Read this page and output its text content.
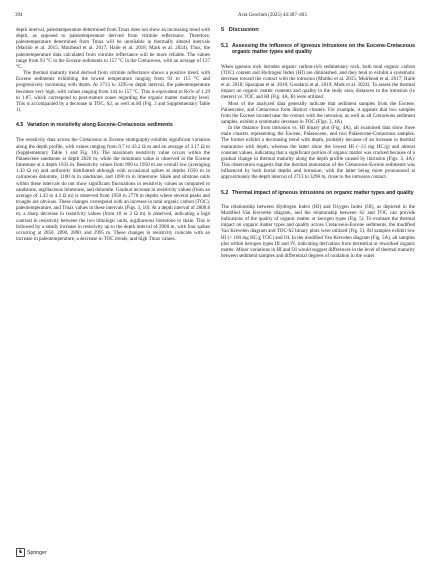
394	Acta Geochim (2025) 44:387–403

depth interval, paleotemperature determined from Tmax does not show an increasing trend with depth, as opposed to paleotemperature derived from vitrinite reflectance. Therefore, paleotemperature determined from Tmax will be unreliable in thermally altered intervals (Mariño et al. 2015; Muirhead et al. 2017; Haile et al. 2018; Mark et al. 2024). Thus, the paleotemperature data calculated from vitrinite reflectance will be more reliable. The values range from 93 °C in the Eocene sediments to 157 °C in the Cretaceous, with an average of 127 °C.

The thermal maturity trend derived from vitrinite reflectance shows a positive trend, with Eocene sediments exhibiting the lowest temperature ranging from 93 to 115 °C and progressively increasing with depth. At 2713 to 3295-m depth interval, the paleotemperature becomes very high, with values ranging from 144 to 157 °C. This is equivalent to Ro% of 1.29 to 1.87, which correspond to post-mature zones regarding the organic matter maturity level. This is accompanied by a decrease in TOC, S2, as well as HI (Fig. 3 and Supplementary Table 1).

4.5 Variation in resistivity along Eocene-Cretaceous sediments

The resistivity data across the Cretaceous to Eocene stratigraphy exhibits significant variation along the depth profile, with values ranging from 0.7 to 43.2 Ω m and an average of 3.17 Ω m (Supplementary Table 1 and Fig. 10). The maximum resistivity value occurs within the Palaeocene sandstone at depth 2620 m, while the minimum value is observed in the Eocene limestone at a depth 1633 m. Resistivity values from 990 to 1950 m are overall low (averaging 1.43 Ω m) and uniformly distributed although with occasional spikes at depths 1050 m in calcareous dolomite, 1100 m in sandstone, and 1690 m in limestone. Shale and siltstone units within these intervals do not show significant fluctuations in resistivity values as compared to sandstone, argillaceous limestone, and dolomite. Gradual increase in resistivity values (from an average of 1.43 to 4.3 Ω m) is observed from 1950 to 2770 m depths where several peaks and troughs are obvious. These changes correspond with an increase in total organic carbon (TOC), paleotemperature, and Tmax values in these intervals (Figs. 3, 10). At a depth interval of 2808.8 m, a sharp decrease in resistivity values (from 18 to 2 Ω m) is observed, indicating a high contrast in resistivity between the two lithologic units, argillaceous limestone to shale. This is followed by a steady increase in resistivity up to the depth interval of 2900 m, with four spikes occurring at 2850, 2890, 2890, and 2995 m. These changes in resistivity coincide with an increase in paleotemperature, a decrease in TOC trends, and high Tmax values.

5 Discussion
5.1 Assessing the influence of igneous intrusions on the Eocene-Cretaceous organic matter types and quality

When igneous rock intrudes organic carbon-rich sedimentary rock, both total organic carbon (TOC) content and Hydrogen Index (HI) are diminished, and they tend to exhibit a systematic decrease toward the contact with the intrusion (Mariño et al. 2015; Muirhead et al. 2017; Haile et al. 2018; Spacapan et al. 2018; Goodarzi et al. 2019; Mark et al. 2024). To assess the thermal impact on organic matter contents and quality in the study area, distances to the intrusion (in meters) vs. TOC and HI (Fig. 4A, B) were utilized.

Most of the analyzed data generally indicate that sediment samples from the Eocene, Palaeocene, and Cretaceous form distinct clusters. For example, it appears that two samples from the Eocene located near the contact with the intrusion, as well as all Cretaceous sediment samples, exhibit a systematic decrease in TOC (Figs. 3, 4A).

In the distance from intrusion vs. HI binary plot (Fig. 4A), all examined data show three main clusters representing the Eocene, Palaeocene, and two Palaeocene-Cretaceous samples. The former exhibit a decreasing trend with depth, probably because of an increase in thermal maturation with depth, whereas the latter show the lowest HI (~13 mg HC/g) and almost constant values, indicating that a significant portion of organic matter was cracked because of a gradual change in thermal maturity along the depth profile caused by intrusion (Figs. 3, 4A). This observation suggests that the thermal maturation of the Cretaceous-Eocene sediments was influenced by both burial depths and intrusion, with the latter being more pronounced at approximately the depth interval of 2713 to 3296 m, close to the intrusion contact.

5.2 Thermal impact of igneous intrusions on organic matter types and quality

The relationship between Hydrogen Index (HI) and Oxygen Index (OI), as depicted in the Modified Van Krevelen diagram, and the relationship between S2 and TOC can provide indications of the quality of organic matter or kerogen types (Fig. 5). To evaluate the thermal impact on organic matter types and quality across Cretaceous-Eocene sediments, the modified Van Krevelen diagram and TOC-S2 binary plots were utilized (Fig. 5). All samples exhibit low HI (< 100 mg HC/g TOC) and OI. In the modified Van Krevelen diagram (Fig. 5A), all samples plot within kerogen types III and IV, indicating derivation from terrestrial or reworked organic matter. Minor variations in HI and OI would suggest differences in the level of thermal maturity between sediment samples and differential degrees of oxidation in the water

♞ Springer
